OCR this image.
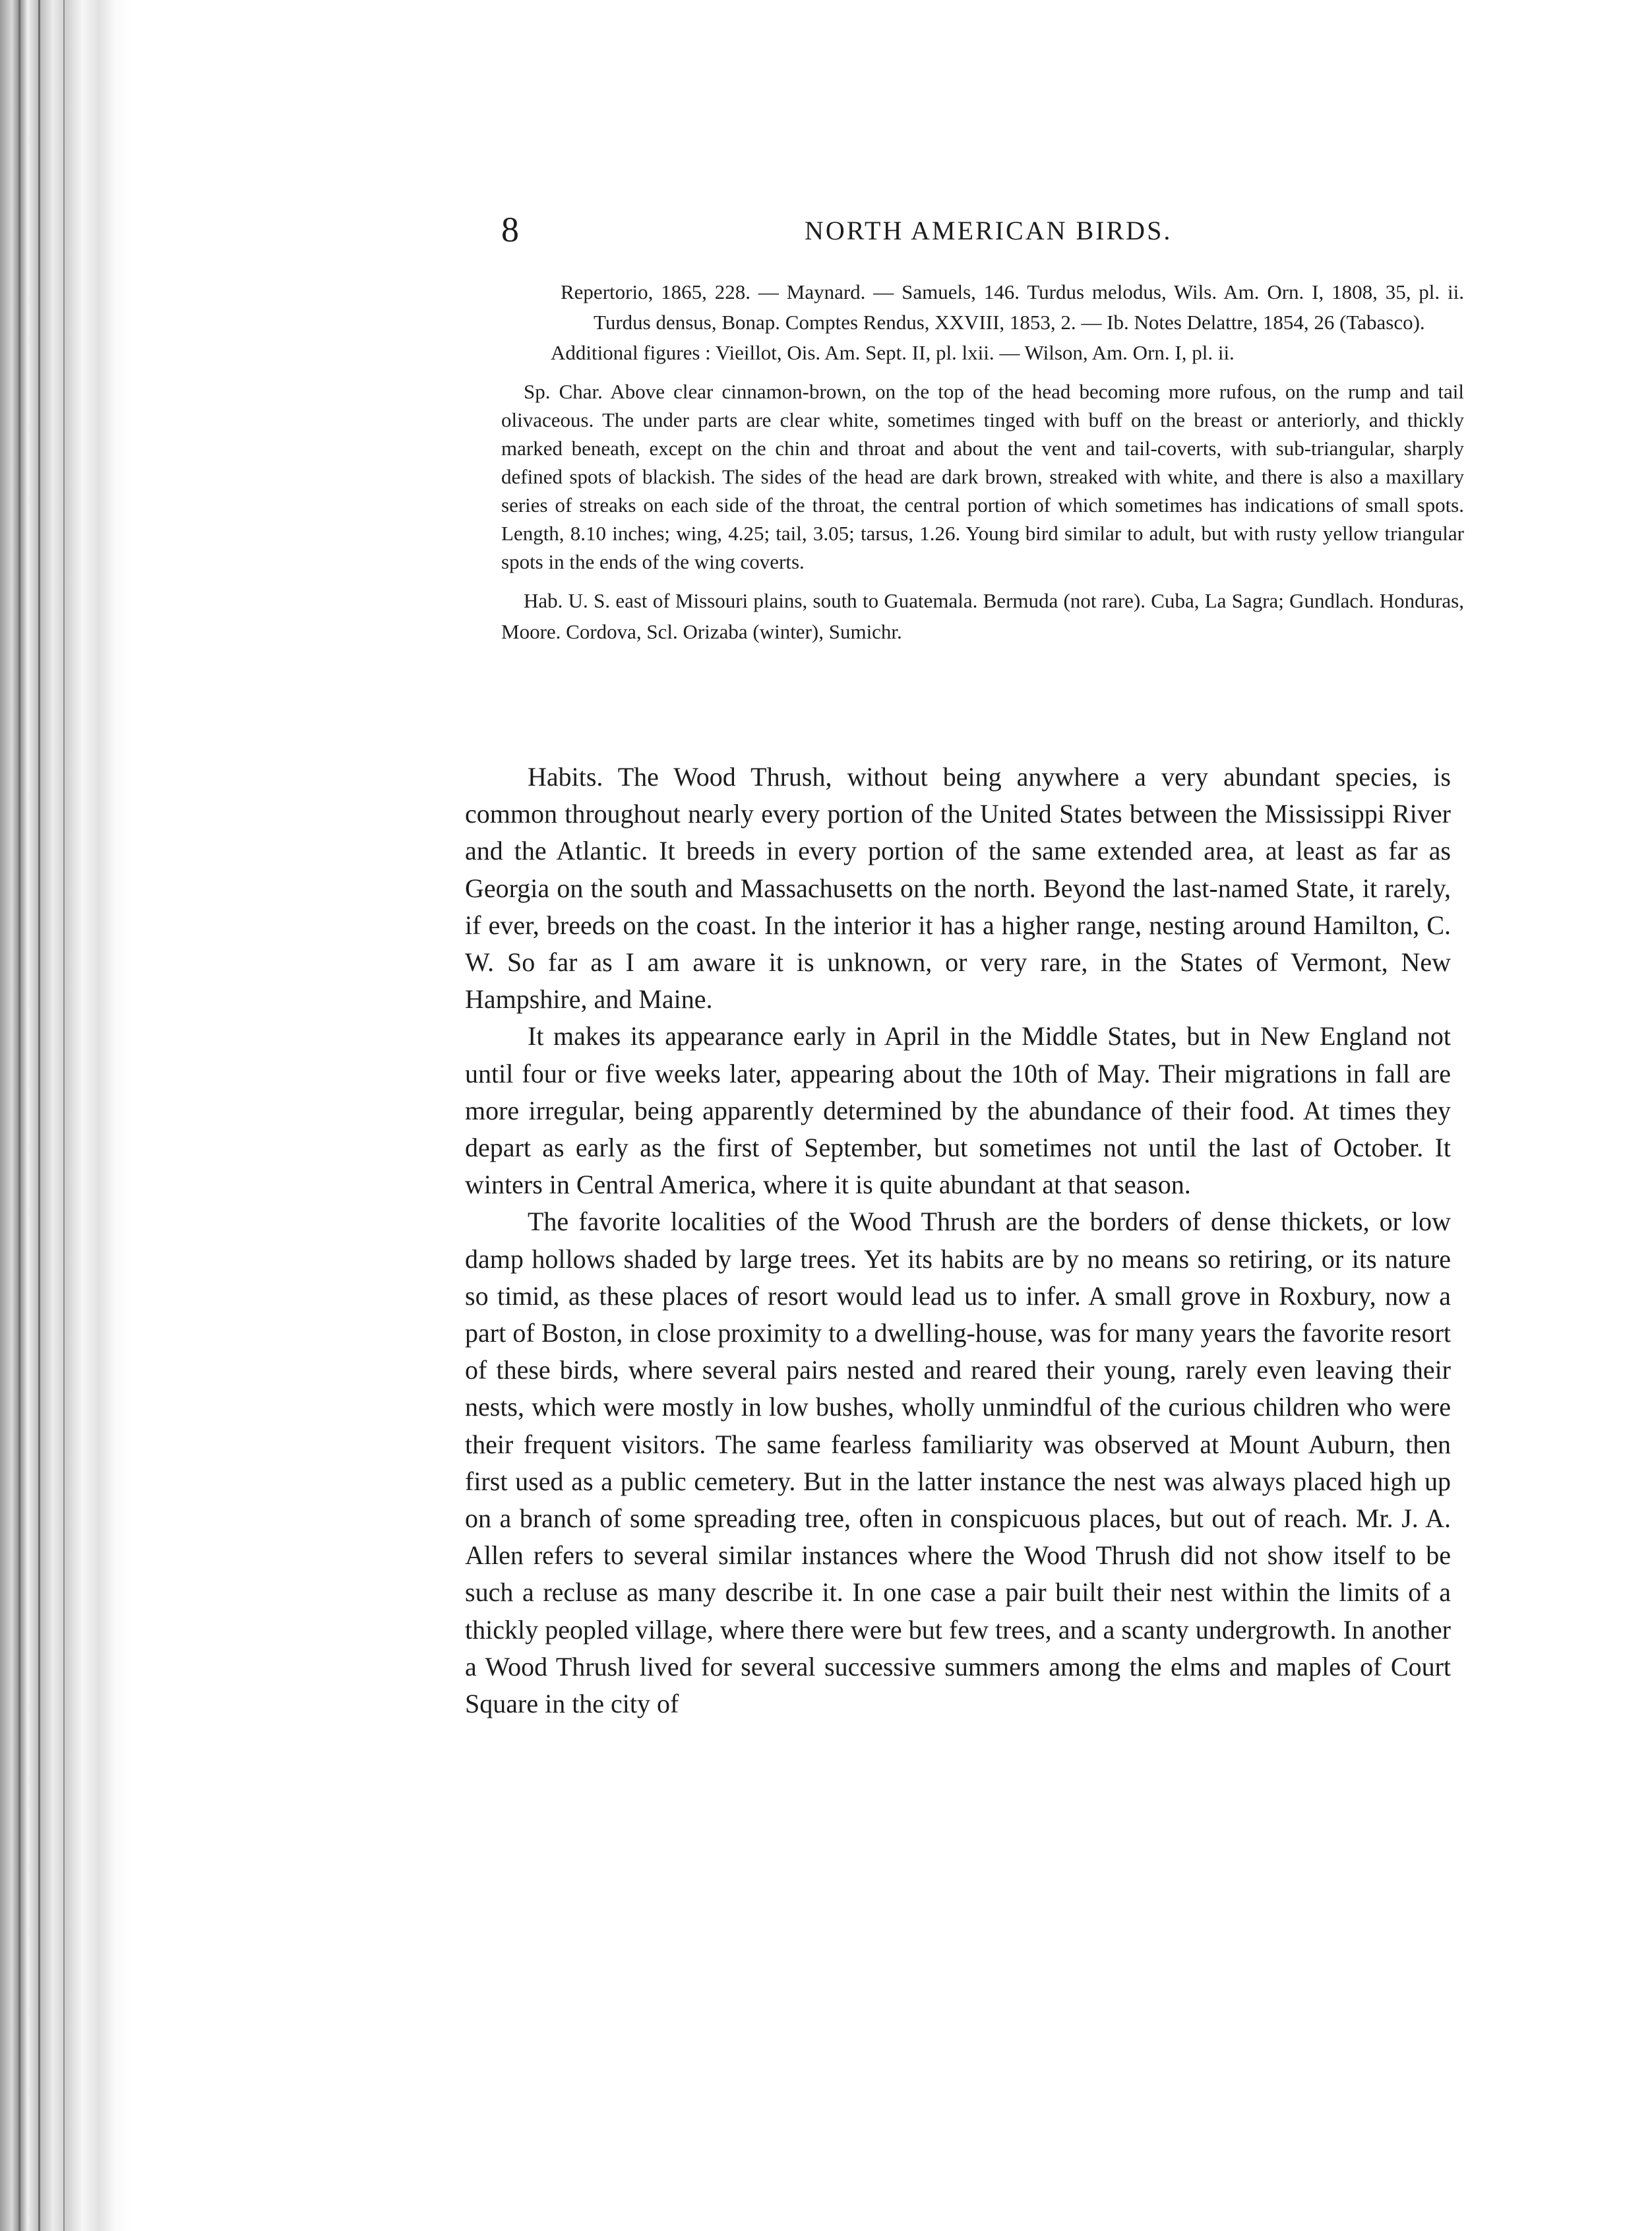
8	NORTH AMERICAN BIRDS.

Repertorio, 1865, 228. — Maynard. — Samuels, 146. Turdus melodus, Wils. Am. Orn. I, 1808, 35, pl. ii. Turdus densus, Bonap. Comptes Rendus, XXVIII, 1853, 2. — Ib. Notes Delattre, 1854, 26 (Tabasco).

Additional figures : Vieillot, Ois. Am. Sept. II, pl. lxii. — Wilson, Am. Orn. I, pl. ii.

Sp. Char. Above clear cinnamon-brown, on the top of the head becoming more rufous, on the rump and tail olivaceous. The under parts are clear white, sometimes tinged with buff on the breast or anteriorly, and thickly marked beneath, except on the chin and throat and about the vent and tail-coverts, with sub-triangular, sharply defined spots of blackish. The sides of the head are dark brown, streaked with white, and there is also a maxillary series of streaks on each side of the throat, the central portion of which sometimes has indications of small spots. Length, 8.10 inches; wing, 4.25; tail, 3.05; tarsus, 1.26. Young bird similar to adult, but with rusty yellow triangular spots in the ends of the wing coverts.

Hab. U. S. east of Missouri plains, south to Guatemala. Bermuda (not rare). Cuba, La Sagra; Gundlach. Honduras, Moore. Cordova, Scl. Orizaba (winter), Sumichr.

Habits. The Wood Thrush, without being anywhere a very abundant species, is common throughout nearly every portion of the United States between the Mississippi River and the Atlantic. It breeds in every portion of the same extended area, at least as far as Georgia on the south and Massachusetts on the north. Beyond the last-named State, it rarely, if ever, breeds on the coast. In the interior it has a higher range, nesting around Hamilton, C. W. So far as I am aware it is unknown, or very rare, in the States of Vermont, New Hampshire, and Maine.

It makes its appearance early in April in the Middle States, but in New England not until four or five weeks later, appearing about the 10th of May. Their migrations in fall are more irregular, being apparently determined by the abundance of their food. At times they depart as early as the first of September, but sometimes not until the last of October. It winters in Central America, where it is quite abundant at that season.

The favorite localities of the Wood Thrush are the borders of dense thickets, or low damp hollows shaded by large trees. Yet its habits are by no means so retiring, or its nature so timid, as these places of resort would lead us to infer. A small grove in Roxbury, now a part of Boston, in close proximity to a dwelling-house, was for many years the favorite resort of these birds, where several pairs nested and reared their young, rarely even leaving their nests, which were mostly in low bushes, wholly unmindful of the curious children who were their frequent visitors. The same fearless familiarity was observed at Mount Auburn, then first used as a public cemetery. But in the latter instance the nest was always placed high up on a branch of some spreading tree, often in conspicuous places, but out of reach. Mr. J. A. Allen refers to several similar instances where the Wood Thrush did not show itself to be such a recluse as many describe it. In one case a pair built their nest within the limits of a thickly peopled village, where there were but few trees, and a scanty undergrowth. In another a Wood Thrush lived for several successive summers among the elms and maples of Court Square in the city of
